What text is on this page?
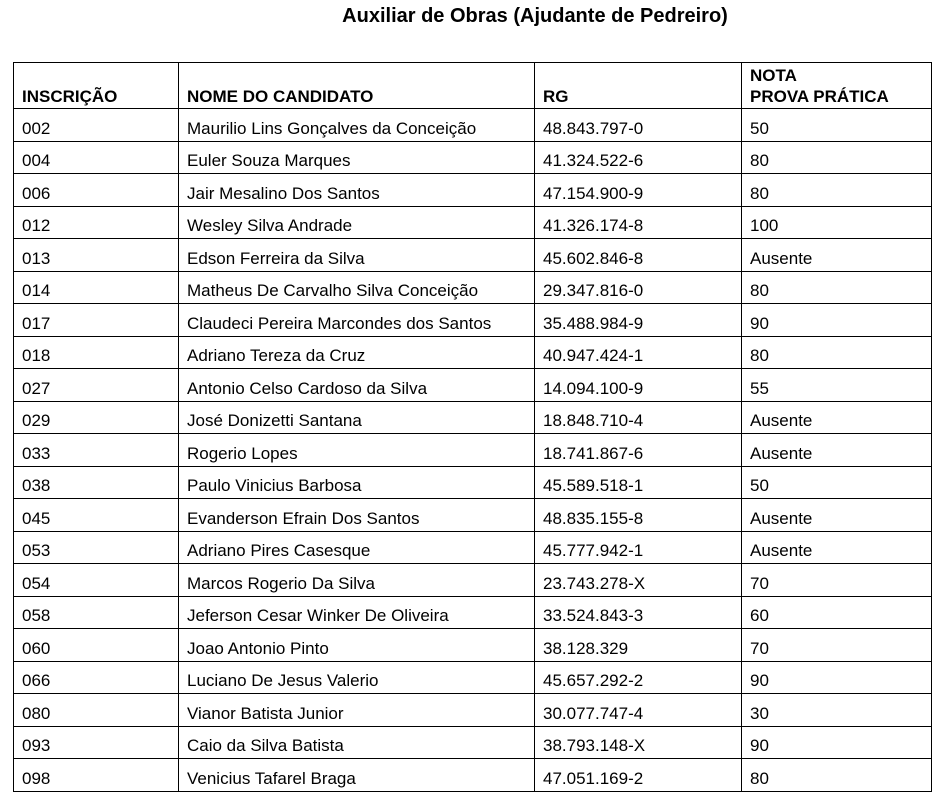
Auxiliar de Obras (Ajudante de Pedreiro)
INSCRIÇÃO	NOME DO CANDIDATO	RG	NOTA
PROVA PRÁTICA
002	Maurilio Lins Gonçalves da Conceição	48.843.797-0	50
004	Euler Souza Marques	41.324.522-6	80
006	Jair Mesalino Dos Santos	47.154.900-9	80
012	Wesley Silva Andrade	41.326.174-8	100
013	Edson Ferreira da Silva	45.602.846-8	Ausente
014	Matheus De Carvalho Silva Conceição	29.347.816-0	80
017	Claudeci Pereira Marcondes dos Santos	35.488.984-9	90
018	Adriano Tereza da Cruz	40.947.424-1	80
027	Antonio Celso Cardoso da Silva	14.094.100-9	55
029	José Donizetti Santana	18.848.710-4	Ausente
033	Rogerio Lopes	18.741.867-6	Ausente
038	Paulo Vinicius Barbosa	45.589.518-1	50
045	Evanderson Efrain Dos Santos	48.835.155-8	Ausente
053	Adriano Pires Casesque	45.777.942-1	Ausente
054	Marcos Rogerio Da Silva	23.743.278-X	70
058	Jeferson Cesar Winker De Oliveira	33.524.843-3	60
060	Joao Antonio Pinto	38.128.329	70
066	Luciano De Jesus Valerio	45.657.292-2	90
080	Vianor Batista Junior	30.077.747-4	30
093	Caio da Silva Batista	38.793.148-X	90
098	Venicius Tafarel Braga	47.051.169-2	80
